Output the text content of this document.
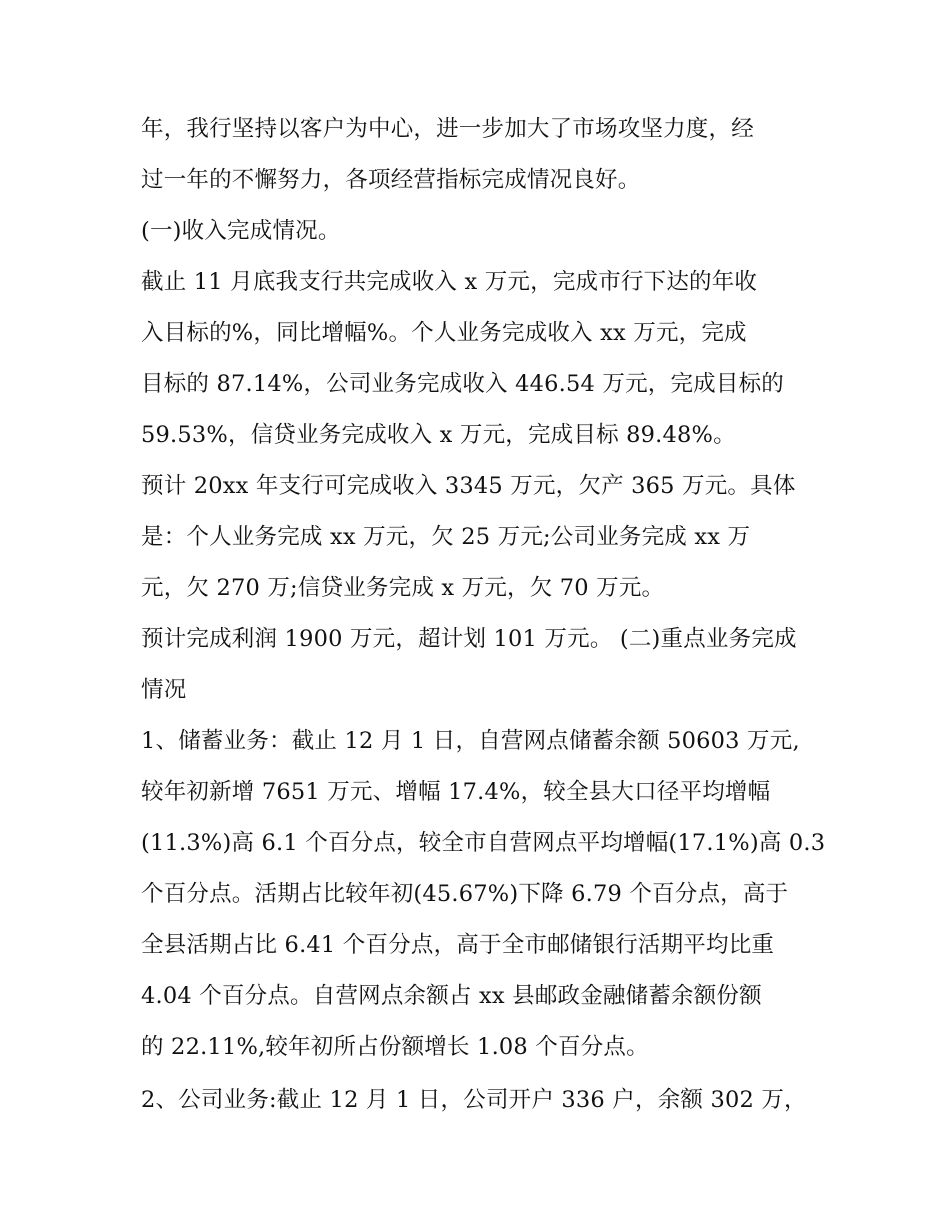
年，我行坚持以客户为中心，进一步加大了市场攻坚力度，经
过一年的不懈努力，各项经营指标完成情况良好。
(一)收入完成情况。
截止 11 月底我支行共完成收入 x 万元，完成市行下达的年收
入目标的%，同比增幅%。个人业务完成收入 xx 万元，完成
目标的 87.14%，公司业务完成收入 446.54 万元，完成目标的
59.53%，信贷业务完成收入 x 万元，完成目标 89.48%。
预计 20xx 年支行可完成收入 3345 万元，欠产 365 万元。具体
是：个人业务完成 xx 万元，欠 25 万元;公司业务完成 xx 万
元，欠 270 万;信贷业务完成 x 万元，欠 70 万元。
预计完成利润 1900 万元，超计划 101 万元。 (二)重点业务完成
情况
1、储蓄业务：截止 12 月 1 日，自营网点储蓄余额 50603 万元,
较年初新增 7651 万元、增幅 17.4%，较全县大口径平均增幅
(11.3%)高 6.1 个百分点，较全市自营网点平均增幅(17.1%)高 0.3
个百分点。活期占比较年初(45.67%)下降 6.79 个百分点，高于
全县活期占比 6.41 个百分点，高于全市邮储银行活期平均比重
4.04 个百分点。自营网点余额占 xx 县邮政金融储蓄余额份额
的 22.11%,较年初所占份额增长 1.08 个百分点。
2、公司业务:截止 12 月 1 日，公司开户 336 户，余额 302 万，
